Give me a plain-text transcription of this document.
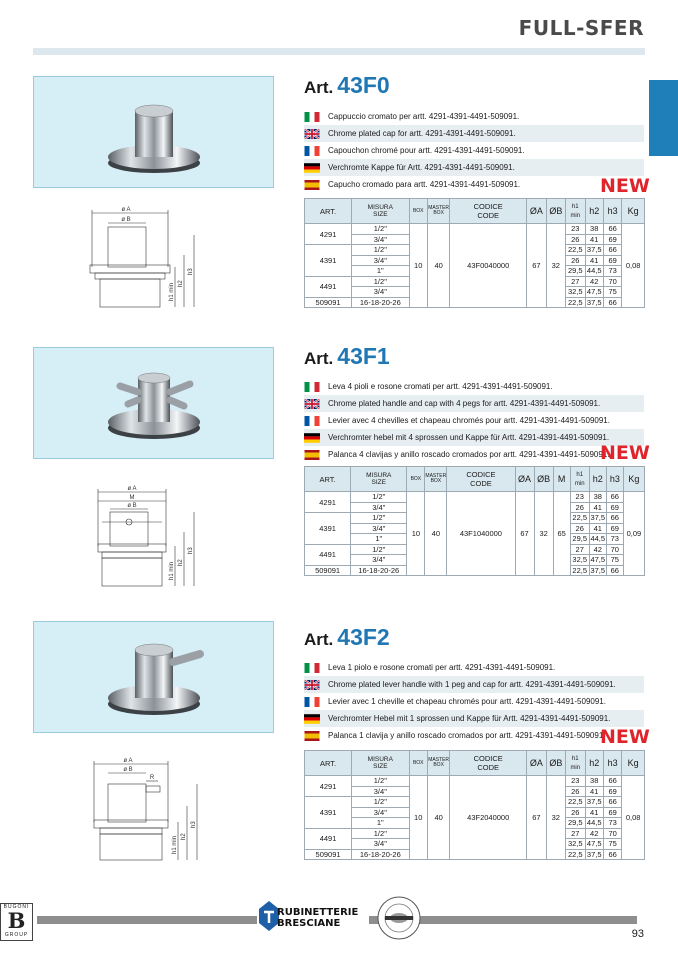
FULL-SFER
ø A
ø B
h1 min h2
h3
Art. 43F0
Cappuccio cromato per artt. 4291-4391-4491-509091.
Chrome plated cap for artt. 4291-4391-4491-509091.
Capouchon chromé pour artt. 4291-4391-4491-509091.
Verchromte Kappe für Artt. 4291-4391-4491-509091.
Capucho cromado para artt. 4291-4391-4491-509091.	NEW
ART.	MISURA
SIZE	BOX	MASTER
BOX	CODICE
CODE	ØA	ØB	h1
min	h2	h3	Kg
4291	1/2"	10	40	43F0040000	67	32	23	38	66	0,08
	3/4"						26	41	69	
4391	1/2"						22,5	37,5	66	
	3/4"						26	41	69	
	1"						29,5	44,5	73	
4491	1/2"						27	42	70	
	3/4"						32,5	47,5	75	
509091	16-18-20-26						22,5	37,5	66	
ø A
M
ø B
h1 min h2
h3
Art. 43F1
Leva 4 pioli e rosone cromati per artt. 4291-4391-4491-509091.
Chrome plated handle and cap with 4 pegs for artt. 4291-4391-4491-509091.
Levier avec 4 chevilles et chapeau chromés pour artt. 4291-4391-4491-509091.
Verchromter hebel mit 4 sprossen und Kappe für Artt. 4291-4391-4491-509091.
Palanca 4 clavijas y anillo roscado cromados por artt. 4291-4391-4491-509091.
NEW
ART.	MISURA
SIZE	BOX	MASTER
BOX	CODICE
CODE	ØA	ØB	M	h1
min	h2	h3	Kg
4291	1/2"	10	40	43F1040000	67	32	65	23	38	66	0,09
	3/4"							26	41	69	
4391	1/2"							22,5	37,5	66	
	3/4"							26	41	69	
	1"							29,5	44,5	73	
4491	1/2"							27	42	70	
	3/4"							32,5	47,5	75	
509091	16-18-20-26							22,5	37,5	66	
ø A
ø B
R
h1 min h2
h3
Art. 43F2
Leva 1 piolo e rosone cromati per artt. 4291-4391-4491-509091.
Chrome plated lever handle with 1 peg and cap for artt. 4291-4391-4491-509091.
Levier avec 1 cheville et chapeau chromés pour artt. 4291-4391-4491-509091.
Verchromter Hebel mit 1 sprossen und Kappe für Artt. 4291-4391-4491-509091.
Palanca 1 clavija y anillo roscado cromados por artt. 4291-4391-4491-509091.
NEW
ART.	MISURA
SIZE	BOX	MASTER
BOX	CODICE
CODE	ØA	ØB	h1
min	h2	h3	Kg
4291	1/2"	10	40	43F2040000	67	32	23	38	66	0,08
	3/4"						26	41	69	
4391	1/2"						22,5	37,5	66	
	3/4"						26	41	69	
	1"						29,5	44,5	73	
4491	1/2"						27	42	70	
	3/4"						32,5	47,5	75	
509091	16-18-20-26						22,5	37,5	66	
BUGONI
B
GROUP
RUBINETTERIE
BRESCIANE
93
